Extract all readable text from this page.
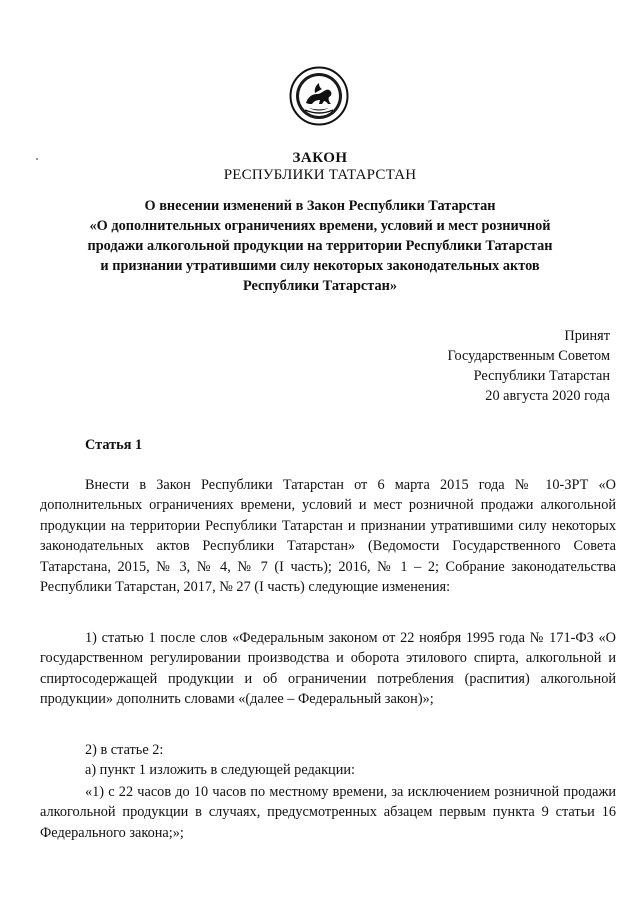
ЗАКОН
РЕСПУБЛИКИ ТАТАРСТАН
О внесении изменений в Закон Республики Татарстан
«О дополнительных ограничениях времени, условий и мест розничной
продажи алкогольной продукции на территории Республики Татарстан
и признании утратившими силу некоторых законодательных актов
Республики Татарстан»
Принят
Государственным Советом
Республики Татарстан
20 августа 2020 года
Статья 1
Внести в Закон Республики Татарстан от 6 марта 2015 года № 10-ЗРТ «О дополнительных ограничениях времени, условий и мест розничной продажи алкогольной продукции на территории Республики Татарстан и признании утратившими силу некоторых законодательных актов Республики Татарстан» (Ведомости Государственного Совета Татарстана, 2015, № 3, № 4, № 7 (I часть); 2016, № 1 – 2; Собрание законодательства Республики Татарстан, 2017, № 27 (I часть) следующие изменения:
1) статью 1 после слов «Федеральным законом от 22 ноября 1995 года № 171-ФЗ «О государственном регулировании производства и оборота этилового спирта, алкогольной и спиртосодержащей продукции и об ограничении потребления (распития) алкогольной продукции» дополнить словами «(далее – Федеральный закон)»;
2) в статье 2:
а) пункт 1 изложить в следующей редакции:
«1) с 22 часов до 10 часов по местному времени, за исключением розничной продажи алкогольной продукции в случаях, предусмотренных абзацем первым пункта 9 статьи 16 Федерального закона;»;
